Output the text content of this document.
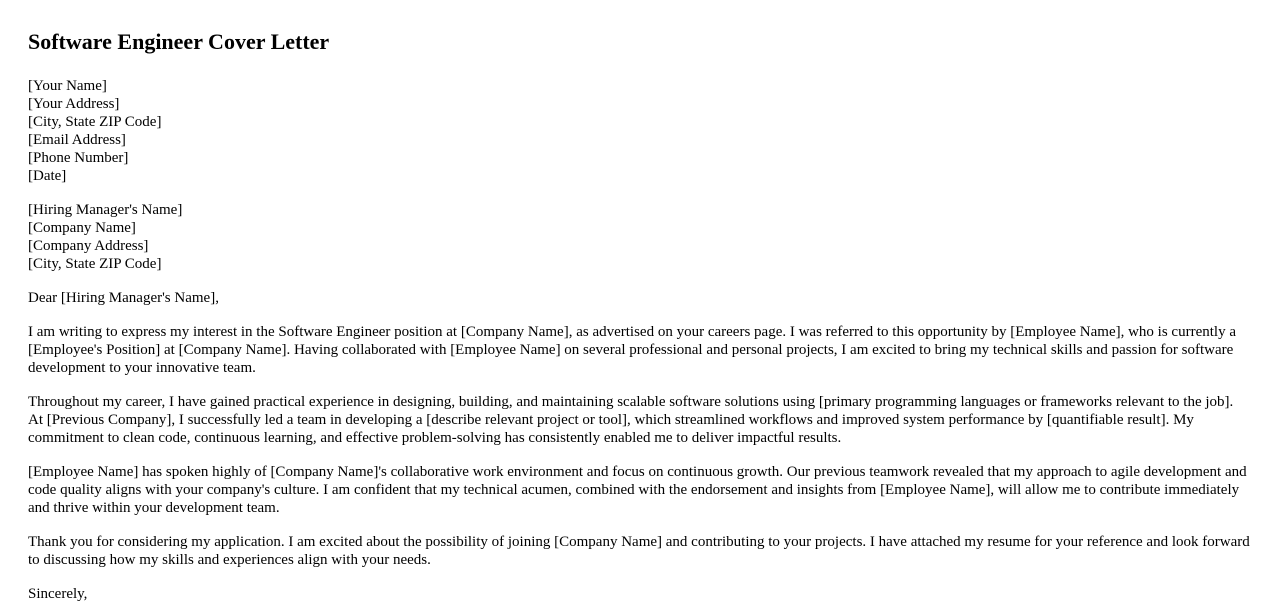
Software Engineer Cover Letter
[Your Name]
[Your Address]
[City, State ZIP Code]
[Email Address]
[Phone Number]
[Date]
[Hiring Manager's Name]
[Company Name]
[Company Address]
[City, State ZIP Code]

Dear [Hiring Manager's Name],

I am writing to express my interest in the Software Engineer position at [Company Name], as advertised on your careers page. I was referred to this opportunity by [Employee Name], who is currently a [Employee's Position] at [Company Name]. Having collaborated with [Employee Name] on several professional and personal projects, I am excited to bring my technical skills and passion for software development to your innovative team.

Throughout my career, I have gained practical experience in designing, building, and maintaining scalable software solutions using [primary programming languages or frameworks relevant to the job]. At [Previous Company], I successfully led a team in developing a [describe relevant project or tool], which streamlined workflows and improved system performance by [quantifiable result]. My commitment to clean code, continuous learning, and effective problem-solving has consistently enabled me to deliver impactful results.

[Employee Name] has spoken highly of [Company Name]'s collaborative work environment and focus on continuous growth. Our previous teamwork revealed that my approach to agile development and code quality aligns with your company's culture. I am confident that my technical acumen, combined with the endorsement and insights from [Employee Name], will allow me to contribute immediately and thrive within your development team.

Thank you for considering my application. I am excited about the possibility of joining [Company Name] and contributing to your projects. I have attached my resume for your reference and look forward to discussing how my skills and experiences align with your needs.

Sincerely,
